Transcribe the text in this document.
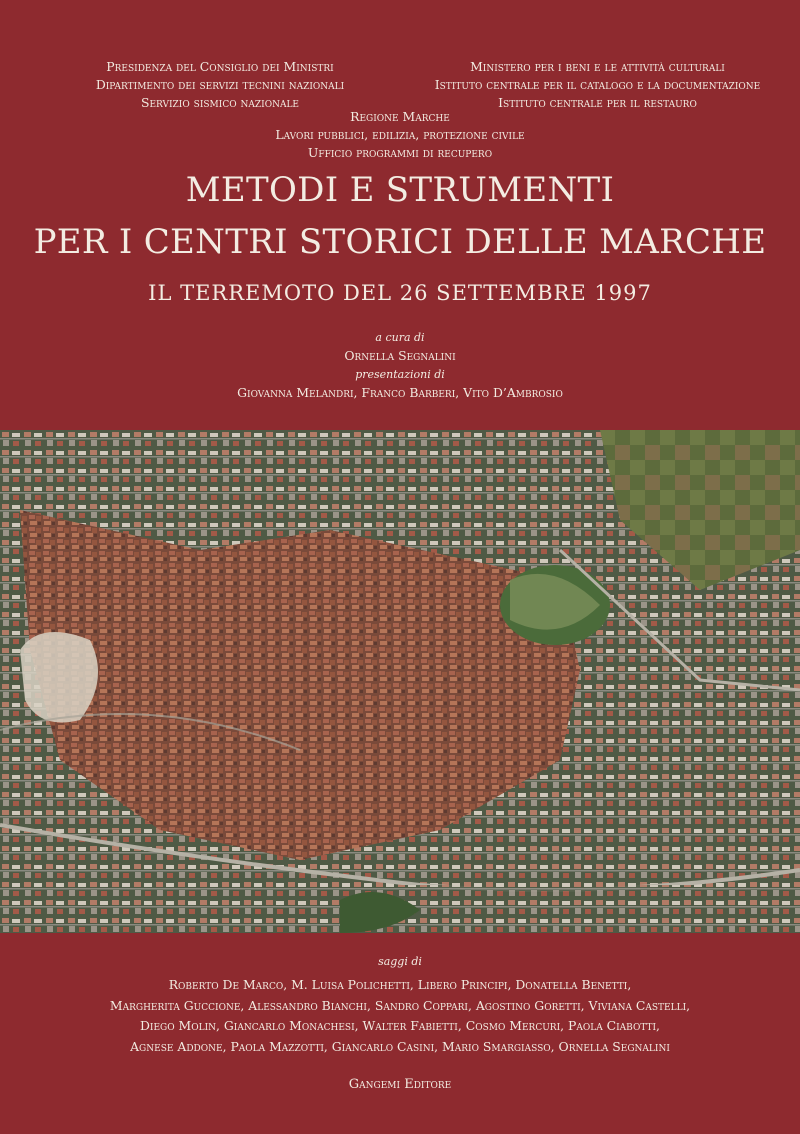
Presidenza del Consiglio dei Ministri
Dipartimento dei servizi tecnini nazionali
Servizio sismico nazionale
Ministero per i beni e le attività culturali
Istituto centrale per il catalogo e la documentazione
Istituto centrale per il restauro
Regione Marche
Lavori pubblici, edilizia, protezione civile
Ufficio programmi di recupero
METODI E STRUMENTI
PER I CENTRI STORICI DELLE MARCHE
IL TERREMOTO DEL 26 SETTEMBRE 1997
a cura di
Ornella Segnalini
presentazioni di
Giovanna Melandri, Franco Barberi, Vito D’Ambrosio
saggi di
Roberto De Marco, M. Luisa Polichetti, Libero Principi, Donatella Benetti,
Margherita Guccione, Alessandro Bianchi, Sandro Coppari, Agostino Goretti, Viviana Castelli,
Diego Molin, Giancarlo Monachesi, Walter Fabietti, Cosmo Mercuri, Paola Ciabotti,
Agnese Addone, Paola Mazzotti, Giancarlo Casini, Mario Smargiasso, Ornella Segnalini
Gangemi Editore
